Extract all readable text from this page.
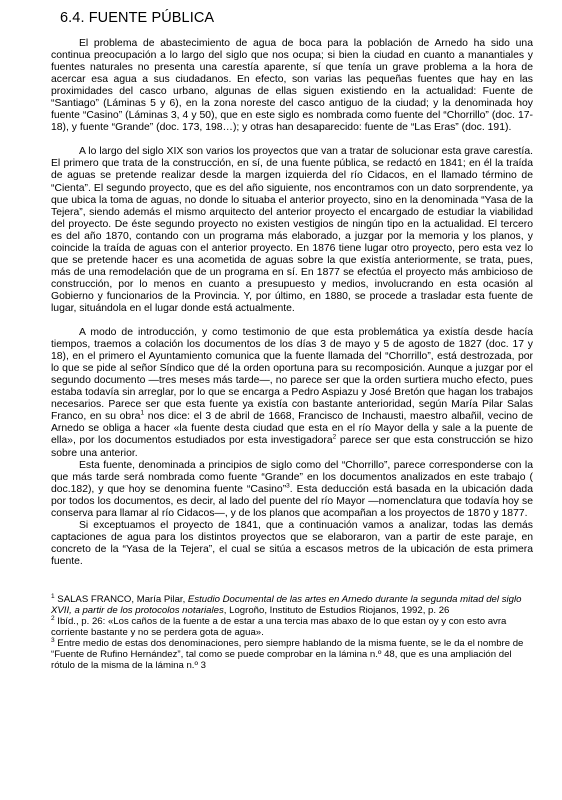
6.4. FUENTE PÚBLICA

El problema de abastecimiento de agua de boca para la población de Arnedo ha sido una continua preocupación a lo largo del siglo que nos ocupa; si bien la ciudad en cuanto a manantiales y fuentes naturales no presenta una carestía aparente, sí que tenía un grave problema a la hora de acercar esa agua a sus ciudadanos. En efecto, son varias las pequeñas fuentes que hay en las proximidades del casco urbano, algunas de ellas siguen existiendo en la actualidad: Fuente de “Santiago” (Láminas 5 y 6), en la zona noreste del casco antiguo de la ciudad; y la denominada hoy fuente “Casino” (Láminas 3, 4 y 50), que en este siglo es nombrada como fuente del “Chorrillo” (doc. 17-18), y fuente “Grande” (doc. 173, 198…); y otras han desaparecido: fuente de “Las Eras” (doc. 191).

A lo largo del siglo XIX son varios los proyectos que van a tratar de solucionar esta grave carestía. El primero que trata de la construcción, en sí, de una fuente pública, se redactó en 1841; en él la traída de aguas se pretende realizar desde la margen izquierda del río Cidacos, en el llamado término de “Cienta”. El segundo proyecto, que es del año siguiente, nos encontramos con un dato sorprendente, ya que ubica la toma de aguas, no donde lo situaba el anterior proyecto, sino en la denominada “Yasa de la Tejera”, siendo además el mismo arquitecto del anterior proyecto el encargado de estudiar la viabilidad del proyecto. De éste segundo proyecto no existen vestigios de ningún tipo en la actualidad. El tercero es del año 1870, contando con un programa más elaborado, a juzgar por la memoria y los planos, y coincide la traída de aguas con el anterior proyecto. En 1876 tiene lugar otro proyecto, pero esta vez lo que se pretende hacer es una acometida de aguas sobre la que existía anteriormente, se trata, pues, más de una remodelación que de un programa en sí. En 1877 se efectúa el proyecto más ambicioso de construcción, por lo menos en cuanto a presupuesto y medios, involucrando en esta ocasión al Gobierno y funcionarios de la Provincia. Y, por último, en 1880, se procede a trasladar esta fuente de lugar, situándola en el lugar donde está actualmente.

A modo de introducción, y como testimonio de que esta problemática ya existía desde hacía tiempos, traemos a colación los documentos de los días 3 de mayo y 5 de agosto de 1827 (doc. 17 y 18), en el primero el Ayuntamiento comunica que la fuente llamada del “Chorrillo”, está destrozada, por lo que se pide al señor Síndico que dé la orden oportuna para su recomposición. Aunque a juzgar por el segundo documento —tres meses más tarde—, no parece ser que la orden surtiera mucho efecto, pues estaba todavía sin arreglar, por lo que se encarga a Pedro Aspiazu y José Bretón que hagan los trabajos necesarios. Parece ser que esta fuente ya existía con bastante anterioridad, según María Pilar Salas Franco, en su obra$^1$ nos dice: el 3 de abril de 1668, Francisco de Inchausti, maestro albañil, vecino de Arnedo se obliga a hacer «la fuente desta ciudad que esta en el río Mayor della y sale a la puente de ella», por los documentos estudiados por esta investigadora$^2$ parece ser que esta construcción se hizo sobre una anterior.

Esta fuente, denominada a principios de siglo como del “Chorrillo”, parece corresponderse con la que más tarde será nombrada como fuente “Grande” en los documentos analizados en este trabajo ( doc.182), y que hoy se denomina fuente “Casino”$^3$. Esta deducción está basada en la ubicación dada por todos los documentos, es decir, al lado del puente del río Mayor —nomenclatura que todavía hoy se conserva para llamar al río Cidacos—, y de los planos que acompañan a los proyectos de 1870 y 1877.

Si exceptuamos el proyecto de 1841, que a continuación vamos a analizar, todas las demás captaciones de agua para los distintos proyectos que se elaboraron, van a partir de este paraje, en concreto de la “Yasa de la Tejera”, el cual se sitúa a escasos metros de la ubicación de esta primera fuente.

$^1$ SALAS FRANCO, María Pilar, Estudio Documental de las artes en Arnedo durante la segunda mitad del siglo XVII, a partir de los protocolos notariales, Logroño, Instituto de Estudios Riojanos, 1992, p. 26

$^2$ Ibíd., p. 26: «Los caños de la fuente a de estar a una tercia mas abaxo de lo que estan oy y con esto avra corriente bastante y no se perdera gota de agua».

$^3$ Entre medio de estas dos denominaciones, pero siempre hablando de la misma fuente, se le da el nombre de “Fuente de Rufino Hernández”, tal como se puede comprobar en la lámina n.º 48, que es una ampliación del rótulo de la misma de la lámina n.º 3
